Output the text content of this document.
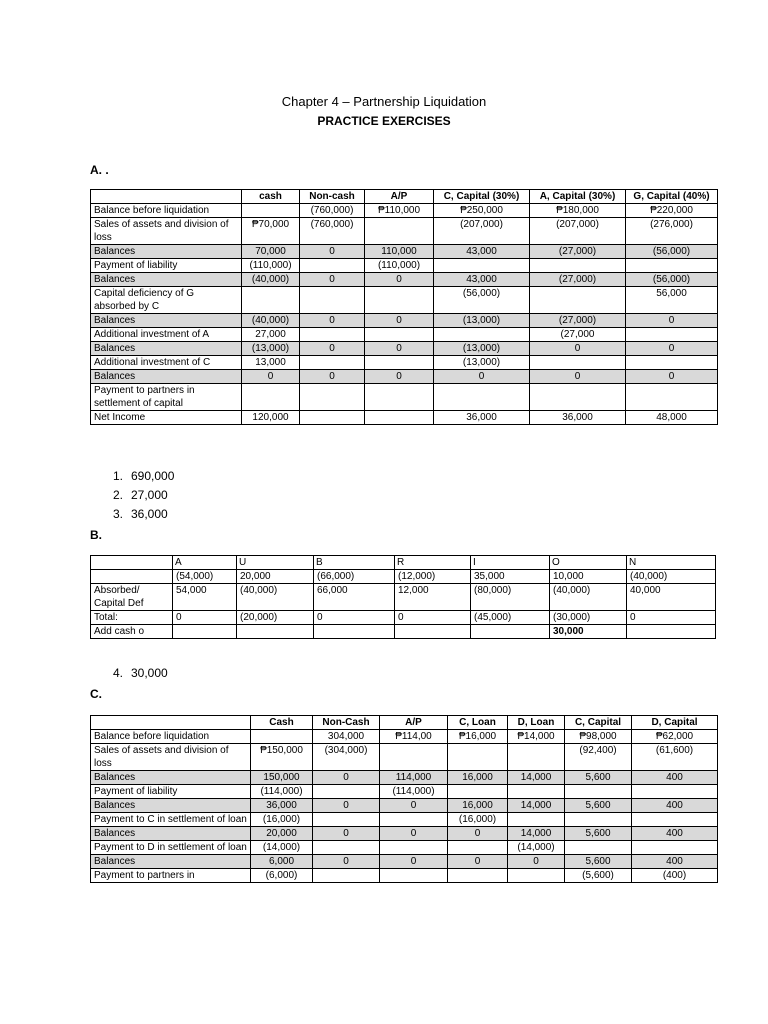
Chapter 4 – Partnership Liquidation
PRACTICE EXERCISES
A. .
	cash	Non-cash	A/P	C, Capital (30%)	A, Capital (30%)	G, Capital (40%)
Balance before liquidation		(760,000)	₱110,000	₱250,000	₱180,000	₱220,000
Sales of assets and division of loss	₱70,000	(760,000)		(207,000)	(207,000)	(276,000)
Balances	70,000	0	110,000	43,000	(27,000)	(56,000)
Payment of liability	(110,000)		(110,000)			
Balances	(40,000)	0	0	43,000	(27,000)	(56,000)
Capital deficiency of G absorbed by C				(56,000)		56,000
Balances	(40,000)	0	0	(13,000)	(27,000)	0
Additional investment of A	27,000				(27,000	
Balances	(13,000)	0	0	(13,000)	0	0
Additional investment of C	13,000			(13,000)		
Balances	0	0	0	0	0	0
Payment to partners in settlement of capital						
Net Income	120,000			36,000	36,000	48,000
1. 690,000
2. 27,000
3. 36,000
B.
	A	U	B	R	I	O	N
	(54,000)	20,000	(66,000)	(12,000)	35,000	10,000	(40,000)
Absorbed/ Capital Def	54,000	(40,000)	66,000	12,000	(80,000)	(40,000)	40,000
Total:	0	(20,000)	0	0	(45,000)	(30,000)	0
Add cash o						30,000	
4. 30,000
C.
	Cash	Non-Cash	A/P	C, Loan	D, Loan	C, Capital	D, Capital
Balance before liquidation		304,000	₱114,00	₱16,000	₱14,000	₱98,000	₱62,000
Sales of assets and division of loss	₱150,000	(304,000)				(92,400)	(61,600)
Balances	150,000	0	114,000	16,000	14,000	5,600	400
Payment of liability	(114,000)		(114,000)				
Balances	36,000	0	0	16,000	14,000	5,600	400
Payment to C in settlement of loan	(16,000)			(16,000)			
Balances	20,000	0	0	0	14,000	5,600	400
Payment to D in settlement of loan	(14,000)				(14,000)		
Balances	6,000	0	0	0	0	5,600	400
Payment to partners in	(6,000)					(5,600)	(400)
